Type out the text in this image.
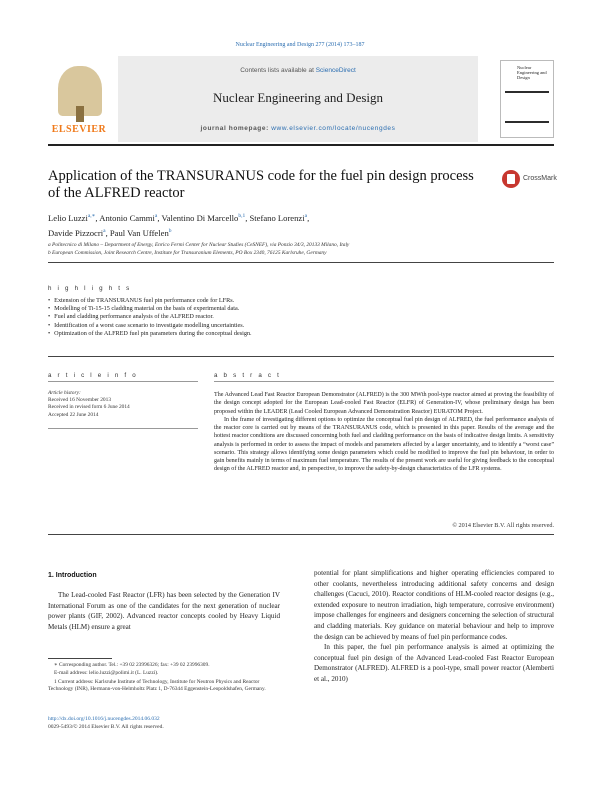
Nuclear Engineering and Design 277 (2014) 173–187
ELSEVIER
Contents lists available at ScienceDirect
Nuclear Engineering and Design
journal homepage: www.elsevier.com/locate/nucengdes
Nuclear Engineering and Design
Application of the TRANSURANUS code for the fuel pin design process of the ALFRED reactor
CrossMark
Lelio Luzzi$^{a,∗}$, Antonio Cammi$^a$, Valentino Di Marcello$^{b,1}$, Stefano Lorenzi$^a$,
Davide Pizzocri$^a$, Paul Van Uffelen$^b$
a Politecnico di Milano – Department of Energy, Enrico Fermi Center for Nuclear Studies (CeSNEF), via Ponzio 34/3, 20133 Milano, Italy
b European Commission, Joint Research Centre, Institute for Transuranium Elements, PO Box 2340, 76125 Karlsruhe, Germany
h i g h l i g h t s
• Extension of the TRANSURANUS fuel pin performance code for LFRs.
• Modelling of Ti-15-15 cladding material on the basis of experimental data.
• Fuel and cladding performance analysis of the ALFRED reactor.
• Identification of a worst case scenario to investigate modelling uncertainties.
• Optimization of the ALFRED fuel pin parameters during the conceptual design.
a r t i c l e i n f o
Article history:
Received 16 November 2013
Received in revised form 6 June 2014
Accepted 22 June 2014
a b s t r a c t

The Advanced Lead Fast Reactor European Demonstrator (ALFRED) is the 300 MWth pool-type reactor aimed at proving the feasibility of the design concept adopted for the European Lead-cooled Fast Reactor (ELFR) of Generation-IV, whose preliminary design has been proposed within the LEADER (Lead Cooled European Advanced Demonstration Reactor) EURATOM Project.

In the frame of investigating different options to optimize the conceptual fuel pin design of ALFRED, the fuel performance analysis of the reactor core is carried out by means of the TRANSURANUS code, which is presented in this paper. Results of the average and the hottest reactor conditions are discussed concerning both fuel and cladding performance on the basis of indicative design limits. A sensitivity analysis is performed in order to assess the impact of models and parameters affected by a larger uncertainty, and to identify a “worst case” scenario. This strategy allows identifying some design parameters which could be modified to improve the fuel pin behaviour, in order to gain benefits mainly in terms of maximum fuel temperature. The results of the present work are useful for giving feedback to the conceptual design of the ALFRED reactor and, in perspective, to improve the safety-by-design characteristics of the LFR systems.

© 2014 Elsevier B.V. All rights reserved.
1. Introduction

The Lead-cooled Fast Reactor (LFR) has been selected by the Generation IV International Forum as one of the candidates for the next generation of nuclear power plants (GIF, 2002). Advanced reactor concepts cooled by Heavy Liquid Metals (HLM) ensure a great

potential for plant simplifications and higher operating efficiencies compared to other coolants, nevertheless introducing additional safety concerns and design challenges (Cacuci, 2010). Reactor conditions of HLM-cooled reactor designs (e.g., extended exposure to neutron irradiation, high temperature, corrosive environment) impose challenges for engineers and designers concerning the selection of structural and cladding materials. Key guidance on material behaviour and help to improve the design can be achieved by means of fuel pin performance codes.

In this paper, the fuel pin performance analysis is aimed at optimizing the conceptual fuel pin design of the Advanced Lead-cooled Fast Reactor European Demonstrator (ALFRED). ALFRED is a pool-type, small power reactor (Alemberti et al., 2010)

∗ Corresponding author. Tel.: +39 02 23996326; fax: +39 02 23996309.

E-mail address: lelio.luzzi@polimi.it (L. Luzzi).

1 Current address: Karlsruhe Institute of Technology, Institute for Neutron Physics and Reactor Technology (INR), Hermann-von-Helmholtz Platz 1, D-76344 Eggenstein-Leopoldshafen, Germany.

http://dx.doi.org/10.1016/j.nucengdes.2014.06.032
0029-5493/© 2014 Elsevier B.V. All rights reserved.
